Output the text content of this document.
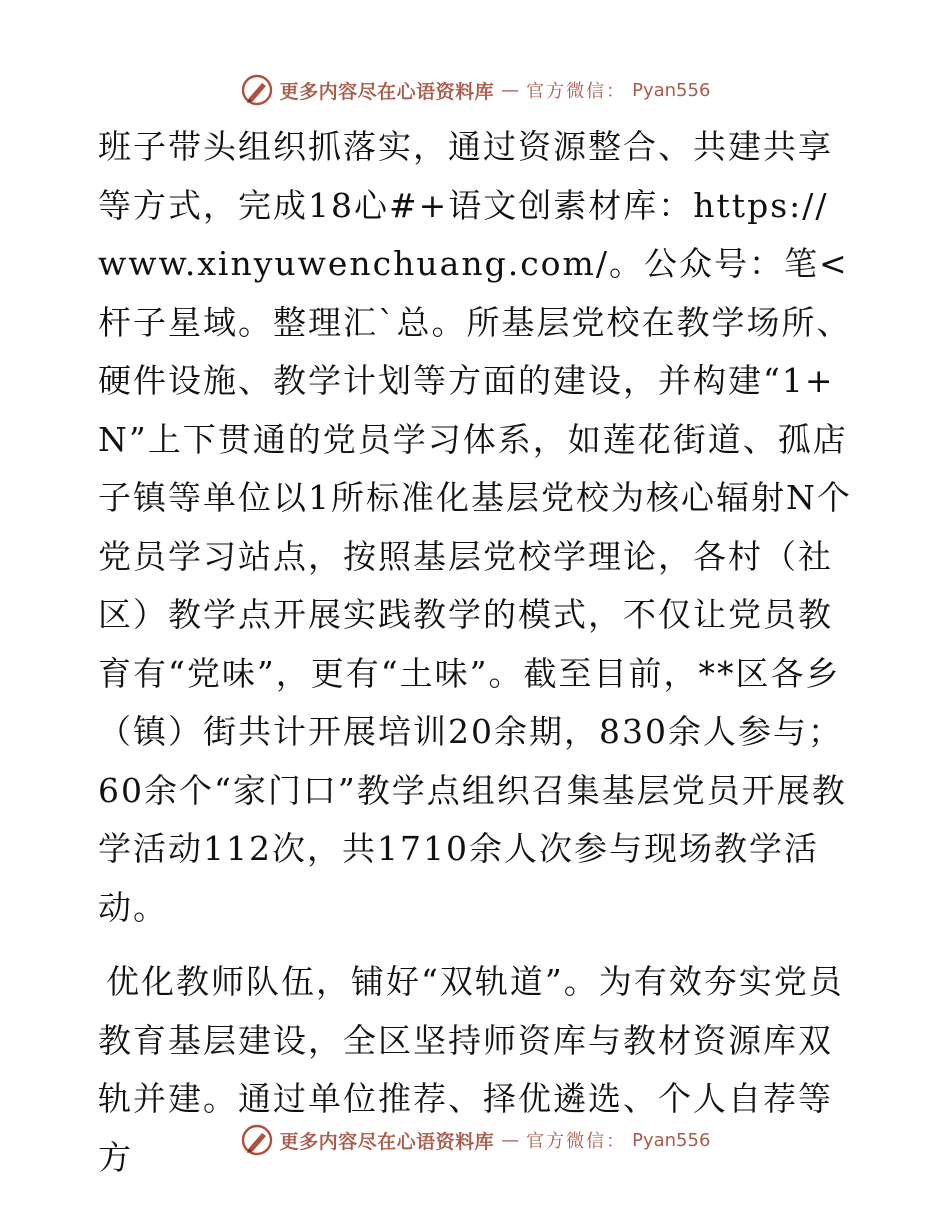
更多内容尽在心语资料库 — 官方微信： Pyan556

班子带头组织抓落实，通过资源整合、共建共享等方式，完成18心#+语文创素材库：https://www.xinyuwenchuang.com/。公众号：笔<杆子星域。整理汇`总。所基层党校在教学场所、硬件设施、教学计划等方面的建设，并构建“1+N”上下贯通的党员学习体系，如莲花街道、孤店子镇等单位以1所标准化基层党校为核心辐射N个党员学习站点，按照基层党校学理论，各村（社区）教学点开展实践教学的模式，不仅让党员教育有“党味”，更有“土味”。截至目前，**区各乡（镇）街共计开展培训20余期，830余人参与；60余个“家门口”教学点组织召集基层党员开展教学活动112次，共1710余人次参与现场教学活动。

优化教师队伍，铺好“双轨道”。为有效夯实党员教育基层建设，全区坚持师资库与教材资源库双轨并建。通过单位推荐、择优遴选、个人自荐等方	更多内容尽在心语资料库 — 官方微信： Pyan556
